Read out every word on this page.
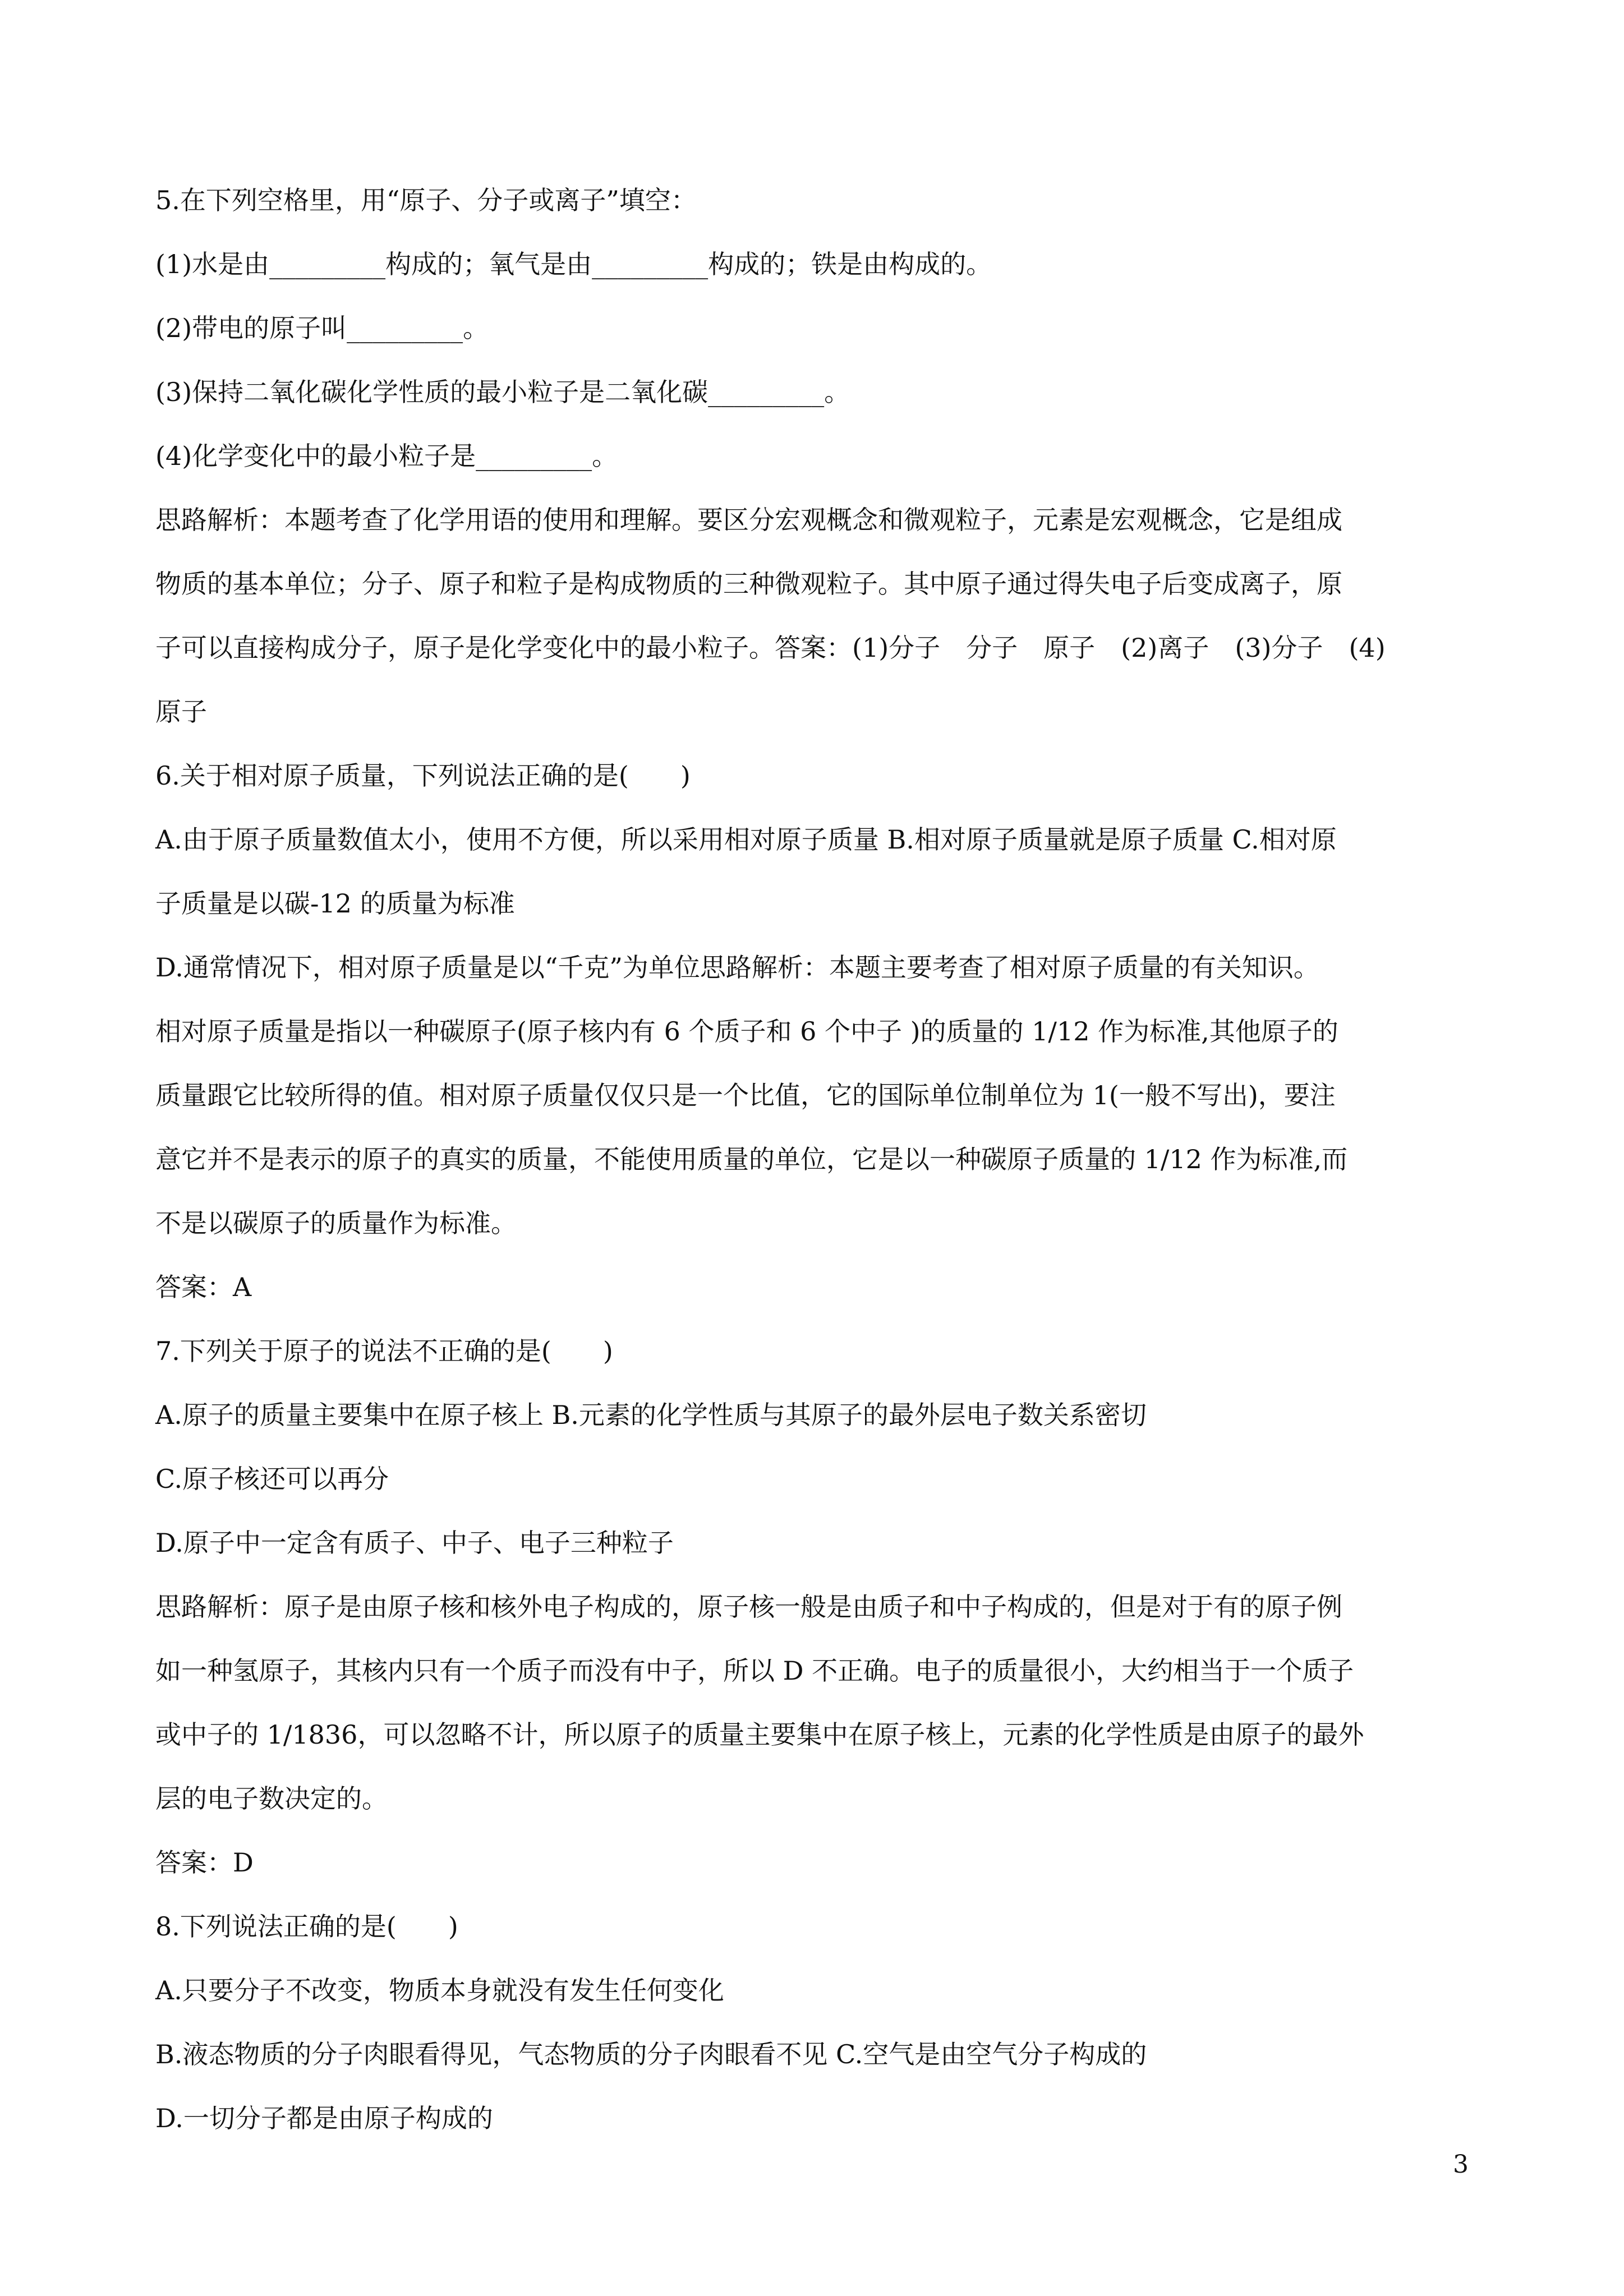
5.在下列空格里，用“原子、分子或离子”填空：
(1)水是由_________构成的；氧气是由_________构成的；铁是由构成的。
(2)带电的原子叫_________。
(3)保持二氧化碳化学性质的最小粒子是二氧化碳_________。
(4)化学变化中的最小粒子是_________。
思路解析：本题考查了化学用语的使用和理解。要区分宏观概念和微观粒子，元素是宏观概念，它是组成
物质的基本单位；分子、原子和粒子是构成物质的三种微观粒子。其中原子通过得失电子后变成离子，原
子可以直接构成分子，原子是化学变化中的最小粒子。答案：(1)分子　分子　原子　(2)离子　(3)分子　(4)
原子
6.关于相对原子质量，下列说法正确的是(　　)
A.由于原子质量数值太小，使用不方便，所以采用相对原子质量 B.相对原子质量就是原子质量 C.相对原
子质量是以碳-12 的质量为标准
D.通常情况下，相对原子质量是以“千克”为单位思路解析：本题主要考查了相对原子质量的有关知识。
相对原子质量是指以一种碳原子(原子核内有 6 个质子和 6 个中子 )的质量的 1/12 作为标准,其他原子的
质量跟它比较所得的值。相对原子质量仅仅只是一个比值，它的国际单位制单位为 1(一般不写出)，要注
意它并不是表示的原子的真实的质量，不能使用质量的单位，它是以一种碳原子质量的 1/12 作为标准,而
不是以碳原子的质量作为标准。
答案：A
7.下列关于原子的说法不正确的是(　　)
A.原子的质量主要集中在原子核上 B.元素的化学性质与其原子的最外层电子数关系密切
C.原子核还可以再分
D.原子中一定含有质子、中子、电子三种粒子
思路解析：原子是由原子核和核外电子构成的，原子核一般是由质子和中子构成的，但是对于有的原子例
如一种氢原子，其核内只有一个质子而没有中子，所以 D 不正确。电子的质量很小，大约相当于一个质子
或中子的 1/1836，可以忽略不计，所以原子的质量主要集中在原子核上，元素的化学性质是由原子的最外
层的电子数决定的。
答案：D
8.下列说法正确的是(　　)
A.只要分子不改变，物质本身就没有发生任何变化
B.液态物质的分子肉眼看得见，气态物质的分子肉眼看不见 C.空气是由空气分子构成的
D.一切分子都是由原子构成的
3
